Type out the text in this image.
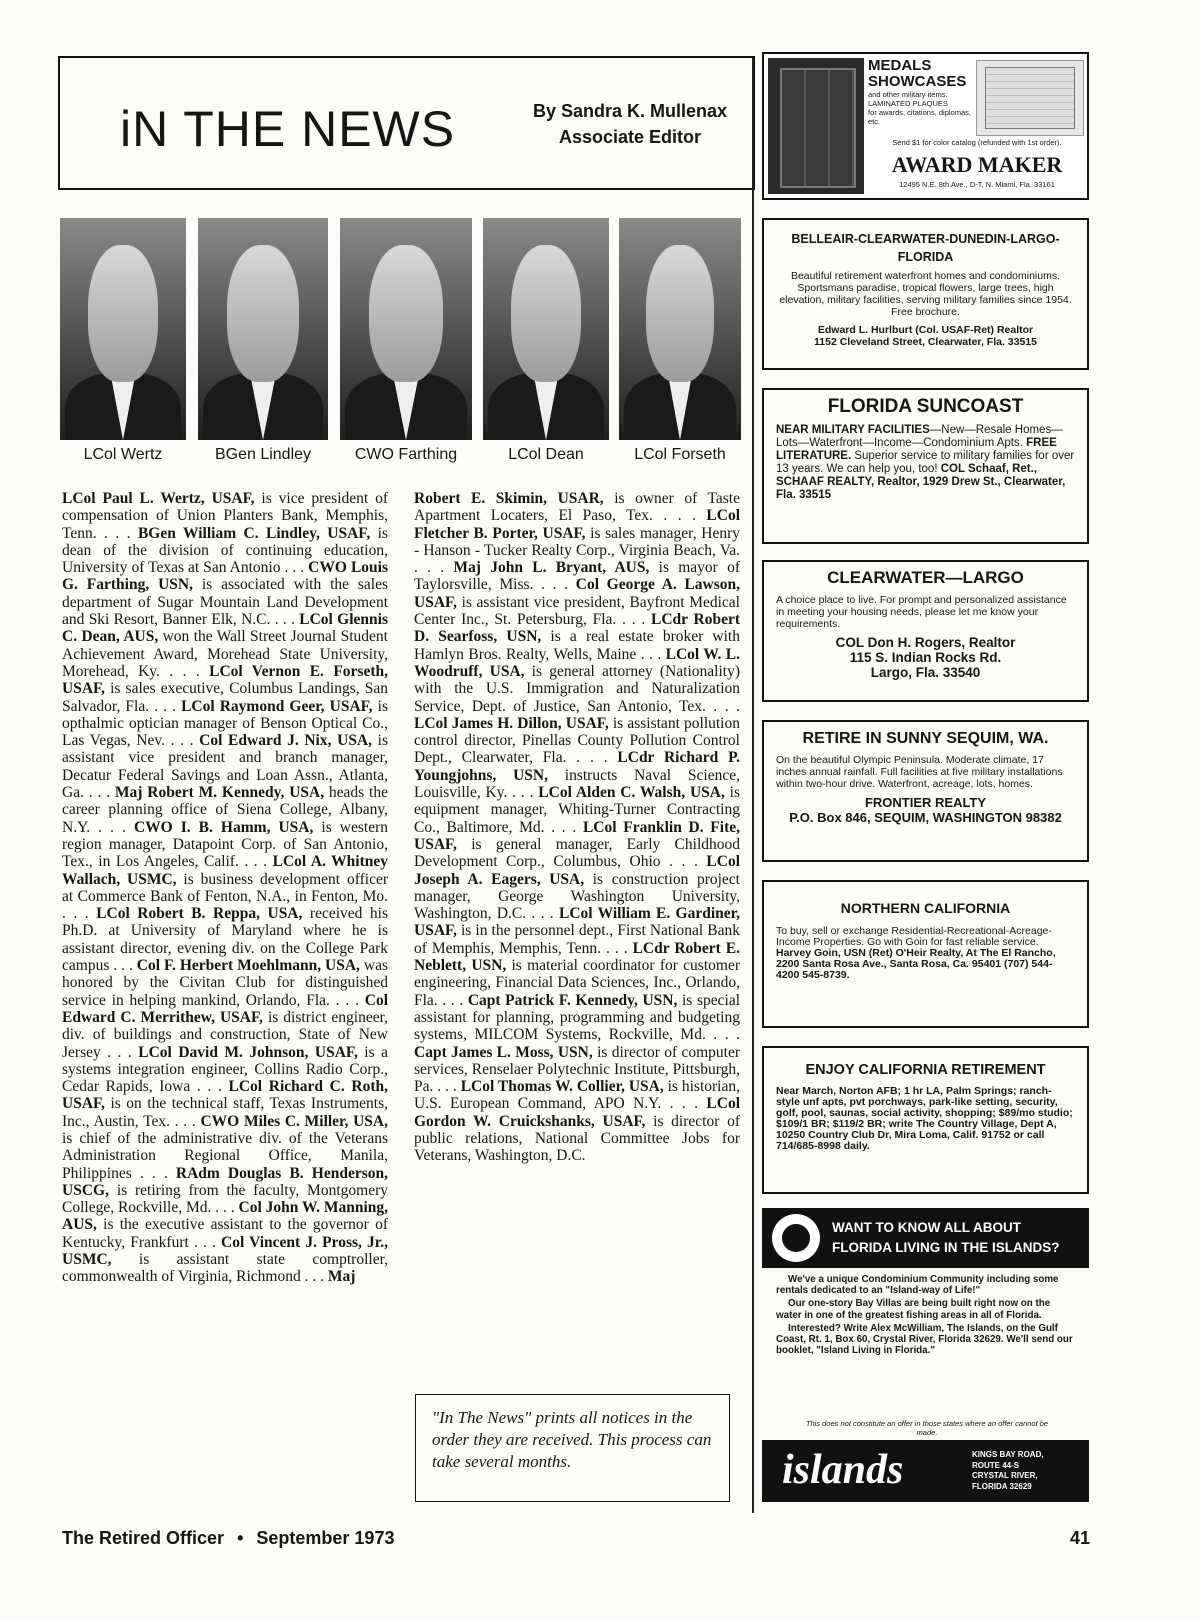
iN THE NEWS	By Sandra K. Mullenax
Associate Editor
LCol Wertz	BGen Lindley	CWO Farthing	LCol Dean	LCol Forseth
LCol Paul L. Wertz, USAF, is vice president of compensation of Union Planters Bank, Memphis, Tenn. . . . BGen William C. Lindley, USAF, is dean of the division of continuing education, University of Texas at San Antonio . . . CWO Louis G. Farthing, USN, is associated with the sales department of Sugar Mountain Land Development and Ski Resort, Banner Elk, N.C. . . . LCol Glennis C. Dean, AUS, won the Wall Street Journal Student Achievement Award, Morehead State University, Morehead, Ky. . . . LCol Vernon E. Forseth, USAF, is sales executive, Columbus Landings, San Salvador, Fla. . . . LCol Raymond Geer, USAF, is opthalmic optician manager of Benson Optical Co., Las Vegas, Nev. . . . Col Edward J. Nix, USA, is assistant vice president and branch manager, Decatur Federal Savings and Loan Assn., Atlanta, Ga. . . . Maj Robert M. Kennedy, USA, heads the career planning office of Siena College, Albany, N.Y. . . . CWO I. B. Hamm, USA, is western region manager, Datapoint Corp. of San Antonio, Tex., in Los Angeles, Calif. . . . LCol A. Whitney Wallach, USMC, is business development officer at Commerce Bank of Fenton, N.A., in Fenton, Mo. . . . LCol Robert B. Reppa, USA, received his Ph.D. at University of Maryland where he is assistant director, evening div. on the College Park campus . . . Col F. Herbert Moehlmann, USA, was honored by the Civitan Club for distinguished service in helping mankind, Orlando, Fla. . . . Col Edward C. Merrithew, USAF, is district engineer, div. of buildings and construction, State of New Jersey . . . LCol David M. Johnson, USAF, is a systems integration engineer, Collins Radio Corp., Cedar Rapids, Iowa . . . LCol Richard C. Roth, USAF, is on the technical staff, Texas Instruments, Inc., Austin, Tex. . . . CWO Miles C. Miller, USA, is chief of the administrative div. of the Veterans Administration Regional Office, Manila, Philippines . . . RAdm Douglas B. Henderson, USCG, is retiring from the faculty, Montgomery College, Rockville, Md. . . . Col John W. Manning, AUS, is the executive assistant to the governor of Kentucky, Frankfurt . . . Col Vincent J. Pross, Jr., USMC, is assistant state comptroller, commonwealth of Virginia, Richmond . . . Maj
Robert E. Skimin, USAR, is owner of Taste Apartment Locaters, El Paso, Tex. . . . LCol Fletcher B. Porter, USAF, is sales manager, Henry - Hanson - Tucker Realty Corp., Virginia Beach, Va. . . . Maj John L. Bryant, AUS, is mayor of Taylorsville, Miss. . . . Col George A. Lawson, USAF, is assistant vice president, Bayfront Medical Center Inc., St. Petersburg, Fla. . . . LCdr Robert D. Searfoss, USN, is a real estate broker with Hamlyn Bros. Realty, Wells, Maine . . . LCol W. L. Woodruff, USA, is general attorney (Nationality) with the U.S. Immigration and Naturalization Service, Dept. of Justice, San Antonio, Tex. . . . LCol James H. Dillon, USAF, is assistant pollution control director, Pinellas County Pollution Control Dept., Clearwater, Fla. . . . LCdr Richard P. Youngjohns, USN, instructs Naval Science, Louisville, Ky. . . . LCol Alden C. Walsh, USA, is equipment manager, Whiting-Turner Contracting Co., Baltimore, Md. . . . LCol Franklin D. Fite, USAF, is general manager, Early Childhood Development Corp., Columbus, Ohio . . . LCol Joseph A. Eagers, USA, is construction project manager, George Washington University, Washington, D.C. . . . LCol William E. Gardiner, USAF, is in the personnel dept., First National Bank of Memphis, Memphis, Tenn. . . . LCdr Robert E. Neblett, USN, is material coordinator for customer engineering, Financial Data Sciences, Inc., Orlando, Fla. . . . Capt Patrick F. Kennedy, USN, is special assistant for planning, programming and budgeting systems, MILCOM Systems, Rockville, Md. . . . Capt James L. Moss, USN, is director of computer services, Renselaer Polytechnic Institute, Pittsburgh, Pa. . . . LCol Thomas W. Collier, USA, is historian, U.S. European Command, APO N.Y. . . . LCol Gordon W. Cruickshanks, USAF, is director of public relations, National Committee Jobs for Veterans, Washington, D.C.
"In The News" prints all notices in the order they are received. This process can take several months.
MEDALS
SHOWCASES
and other military items.
LAMINATED PLAQUES
for awards, citations, diplomas, etc.
Send $1 for color catalog (refunded with 1st order).
AWARD MAKER
12495 N.E. 8th Ave., D-T, N. Miami, Fla. 33161
BELLEAIR-CLEARWATER-DUNEDIN-LARGO-FLORIDA
Beautiful retirement waterfront homes and condominiums. Sportsmans paradise, tropical flowers, large trees, high elevation, military facilities, serving military families since 1954. Free brochure.
Edward L. Hurlburt (Col. USAF-Ret) Realtor
1152 Cleveland Street, Clearwater, Fla. 33515
FLORIDA SUNCOAST
NEAR MILITARY FACILITIES—New—Resale Homes—Lots—Waterfront—Income—Condominium Apts. FREE LITERATURE. Superior service to military families for over 13 years. We can help you, too! COL Schaaf, Ret., SCHAAF REALTY, Realtor, 1929 Drew St., Clearwater, Fla. 33515
CLEARWATER—LARGO
A choice place to live. For prompt and personalized assistance in meeting your housing needs, please let me know your requirements.
COL Don H. Rogers, Realtor
115 S. Indian Rocks Rd.
Largo, Fla. 33540
RETIRE IN SUNNY SEQUIM, WA.
On the beautiful Olympic Peninsula. Moderate climate, 17 inches annual rainfall. Full facilities at five military installations within two-hour drive. Waterfront, acreage, lots, homes.
FRONTIER REALTY
P.O. Box 846, SEQUIM, WASHINGTON 98382
NORTHERN CALIFORNIA
To buy, sell or exchange Residential-Recreational-Acreage-Income Properties. Go with Goin for fast reliable service. Harvey Goin, USN (Ret) O'Heir Realty, At The El Rancho, 2200 Santa Rosa Ave., Santa Rosa, Ca. 95401 (707) 544-4200 545-8739.
ENJOY CALIFORNIA RETIREMENT
Near March, Norton AFB; 1 hr LA, Palm Springs; ranch-style unf apts, pvt porchways, park-like setting, security, golf, pool, saunas, social activity, shopping; $89/mo studio; $109/1 BR; $119/2 BR; write The Country Village, Dept A, 10250 Country Club Dr, Mira Loma, Calif. 91752 or call 714/685-8998 daily.
WANT TO KNOW ALL ABOUT
FLORIDA LIVING IN THE ISLANDS?
We've a unique Condominium Community including some rentals dedicated to an "Island-way of Life!"
Our one-story Bay Villas are being built right now on the water in one of the greatest fishing areas in all of Florida.
Interested? Write Alex McWilliam, The Islands, on the Gulf Coast, Rt. 1, Box 60, Crystal River, Florida 32629. We'll send our booklet, "Island Living in Florida."
This does not constitute an offer in those states where an offer cannot be made.
islands	KINGS BAY ROAD,
ROUTE 44-S
CRYSTAL RIVER,
FLORIDA 32629
The Retired Officer • September 1973	41
